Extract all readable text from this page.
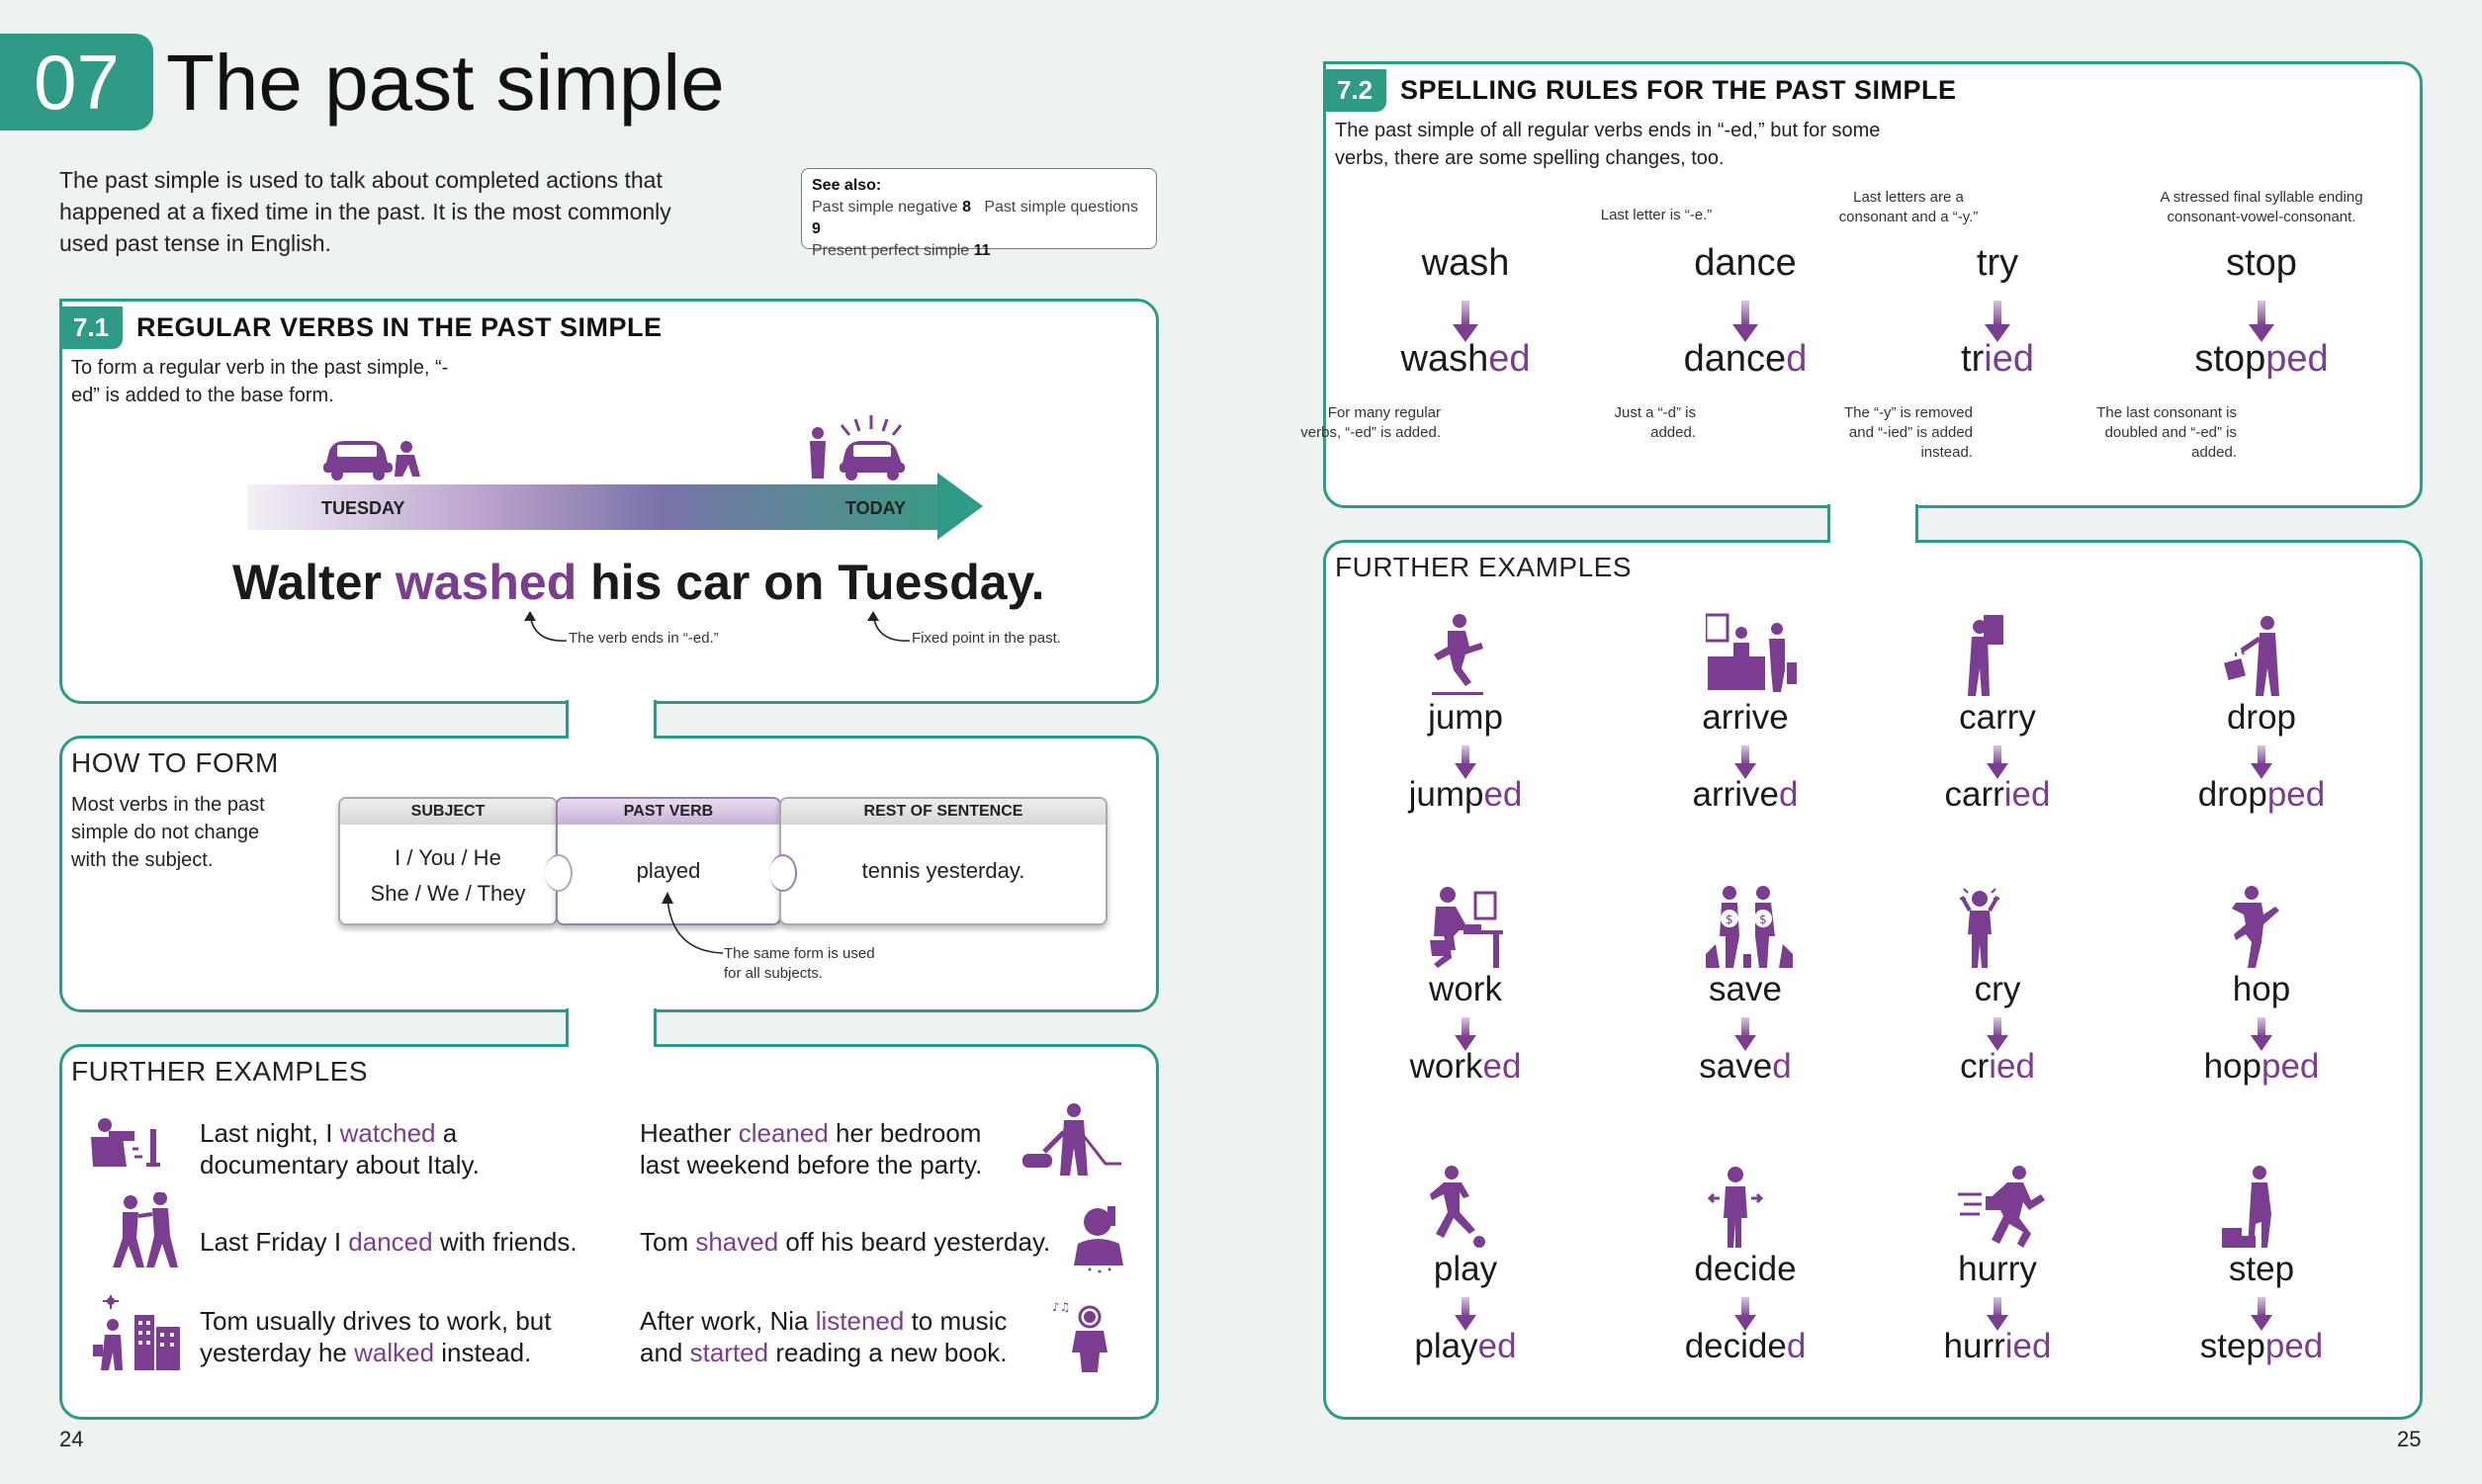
07 The past simple
The past simple is used to talk about completed actions that happened at a fixed time in the past. It is the most commonly used past tense in English.
See also:
Past simple negative 8 Past simple questions 9
Present perfect simple 11
7.1	REGULAR VERBS IN THE PAST SIMPLE
To form a regular verb in the past simple, “-ed” is added to the base form.
TUESDAY	TODAY
Walter washed his car on Tuesday.
The verb ends in “-ed.”	Fixed point in the past.
HOW TO FORM
Most verbs in the past simple do not change with the subject.
SUBJECT
I / You / He
She / We / They
PAST VERB
played
REST OF SENTENCE
tennis yesterday.
The same form is used for all subjects.
FURTHER EXAMPLES
Last night, I watched a
documentary about Italy.
Heather cleaned her bedroom
last weekend before the party.
Last Friday I danced with friends. Tom shaved off his beard yesterday.
Tom usually drives to work, but
yesterday he walked instead.
After work, Nia listened to music
and started reading a new book.
♪♫
24
7.2	SPELLING RULES FOR THE PAST SIMPLE
The past simple of all regular verbs ends in “-ed,” but for some verbs, there are some spelling changes, too.
wash
washed
For many regular verbs, “-ed” is added.
dance
danced
Last letter is “-e.”
Just a “-d” is added.
try
tried
Last letters are a consonant and a “-y.”
The “-y” is removed and “-ied” is added instead.
stop
stopped
A stressed final syllable ending consonant-vowel-consonant.
The last consonant is doubled and “-ed” is added.
FURTHER EXAMPLES
jump
jumped
arrive
arrived
carry
carried
drop
dropped
work
worked
$ $
save
saved
cry
cried
hop
hopped
play
played
decide
decided
hurry
hurried
step
stepped
25
